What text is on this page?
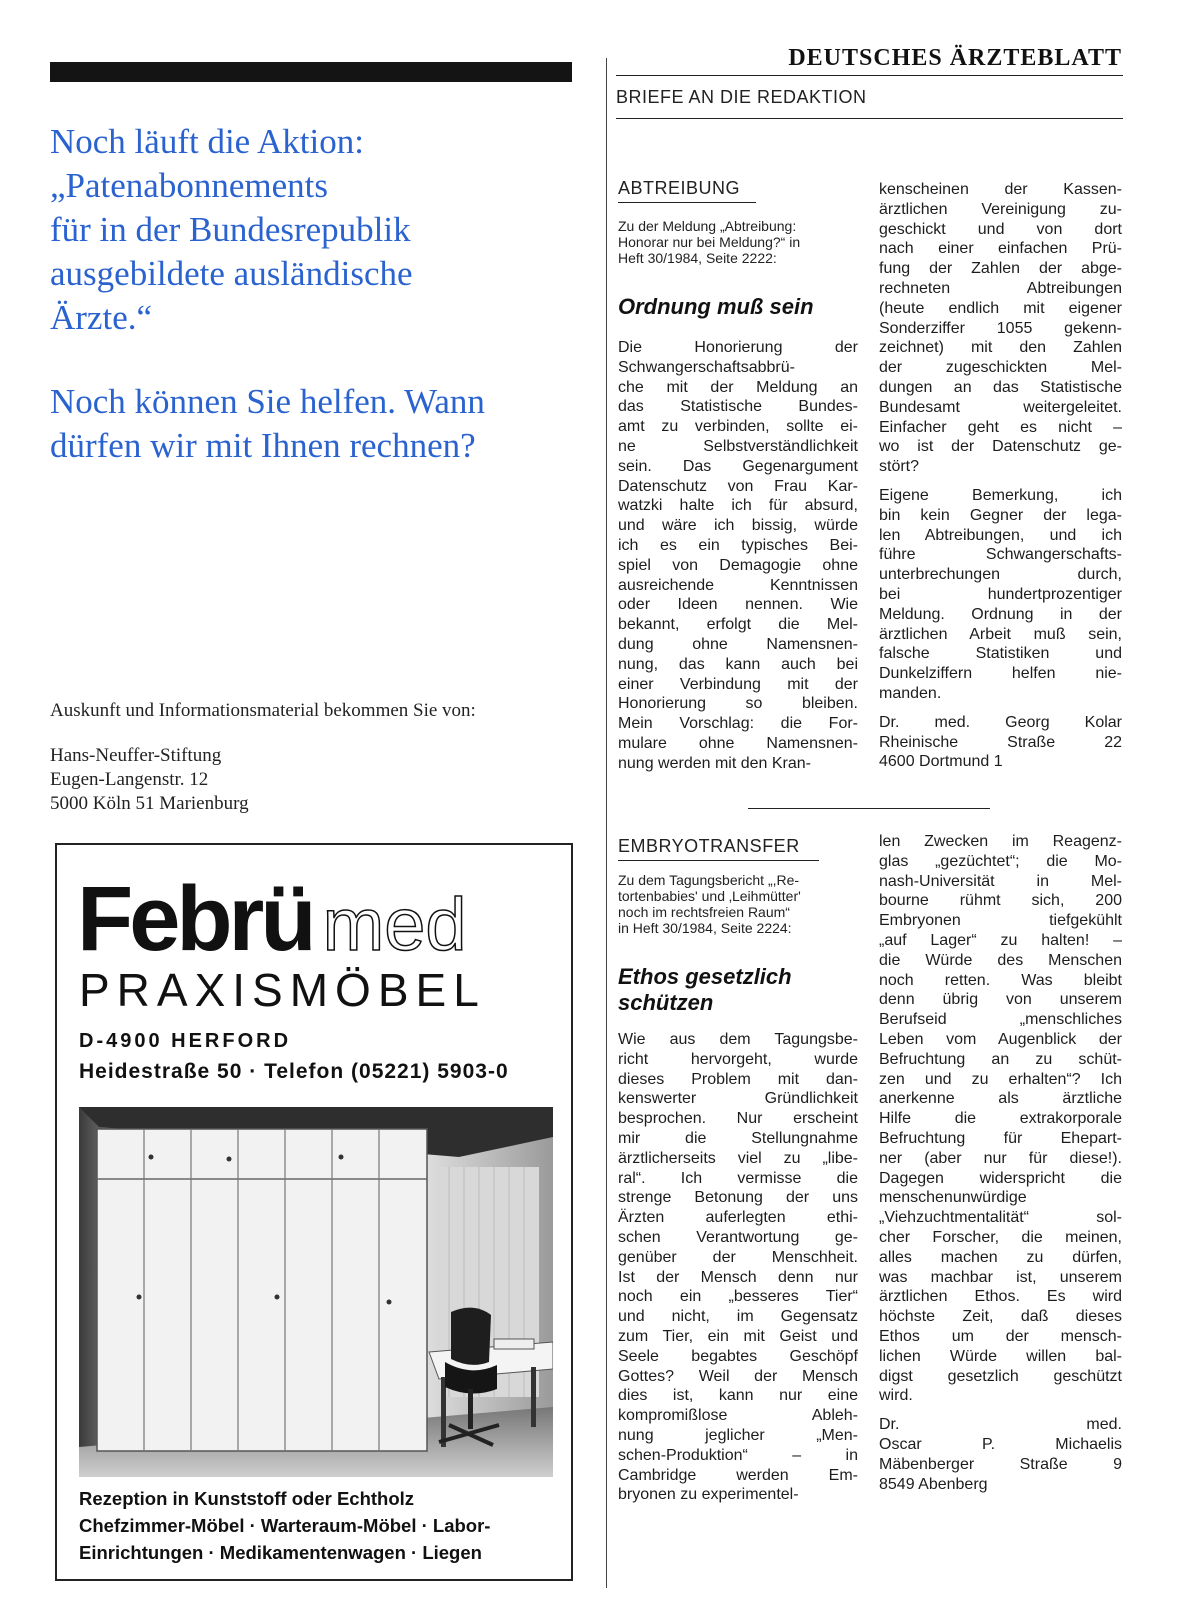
Noch läuft die Aktion:
„Patenabonnements
für in der Bundesrepublik
ausgebildete ausländische
Ärzte.“
Noch können Sie helfen. Wann
dürfen wir mit Ihnen rechnen?
Auskunft und Informationsmaterial bekommen Sie von:
Hans-Neuffer-Stiftung
Eugen-Langenstr. 12
5000 Köln 51 Marienburg
Febrü med
PRAXISMÖBEL
D-4900 HERFORD
Heidestraße 50 · Telefon (05221) 5903-0
Rezeption in Kunststoff oder Echtholz
Chefzimmer-Möbel · Warteraum-Möbel · Labor-
Einrichtungen · Medikamentenwagen · Liegen
DEUTSCHES ÄRZTEBLATT
BRIEFE AN DIE REDAKTION
ABTREIBUNG
Zu der Meldung „Abtreibung:
Honorar nur bei Meldung?“ in
Heft 30/1984, Seite 2222:
Ordnung muß sein
Die Honorierung der
Schwangerschaftsabbrü-
che mit der Meldung an
das Statistische Bundes-
amt zu verbinden, sollte ei-
ne Selbstverständlichkeit
sein. Das Gegenargument
Datenschutz von Frau Kar-
watzki halte ich für absurd,
und wäre ich bissig, würde
ich es ein typisches Bei-
spiel von Demagogie ohne
ausreichende Kenntnissen
oder Ideen nennen. Wie
bekannt, erfolgt die Mel-
dung ohne Namensnen-
nung, das kann auch bei
einer Verbindung mit der
Honorierung so bleiben.
Mein Vorschlag: die For-
mulare ohne Namensnen-
nung werden mit den Kran-
kenscheinen der Kassen-
ärztlichen Vereinigung zu-
geschickt und von dort
nach einer einfachen Prü-
fung der Zahlen der abge-
rechneten Abtreibungen
(heute endlich mit eigener
Sonderziffer 1055 gekenn-
zeichnet) mit den Zahlen
der zugeschickten Mel-
dungen an das Statistische
Bundesamt weitergeleitet.
Einfacher geht es nicht –
wo ist der Datenschutz ge-
stört?
Eigene Bemerkung, ich
bin kein Gegner der lega-
len Abtreibungen, und ich
führe Schwangerschafts-
unterbrechungen durch,
bei hundertprozentiger
Meldung. Ordnung in der
ärztlichen Arbeit muß sein,
falsche Statistiken und
Dunkelziffern helfen nie-
manden.
Dr. med. Georg Kolar
Rheinische Straße 22
4600 Dortmund 1
EMBRYOTRANSFER
Zu dem Tagungsbericht „,Re-
tortenbabies' und ‚Leihmütter'
noch im rechtsfreien Raum“
in Heft 30/1984, Seite 2224:
Ethos gesetzlich
schützen
Wie aus dem Tagungsbe-
richt hervorgeht, wurde
dieses Problem mit dan-
kenswerter Gründlichkeit
besprochen. Nur erscheint
mir die Stellungnahme
ärztlicherseits viel zu „libe-
ral“. Ich vermisse die
strenge Betonung der uns
Ärzten auferlegten ethi-
schen Verantwortung ge-
genüber der Menschheit.
Ist der Mensch denn nur
noch ein „besseres Tier“
und nicht, im Gegensatz
zum Tier, ein mit Geist und
Seele begabtes Geschöpf
Gottes? Weil der Mensch
dies ist, kann nur eine
kompromißlose Ableh-
nung jeglicher „Men-
schen-Produktion“ – in
Cambridge werden Em-
bryonen zu experimentel-
len Zwecken im Reagenz-
glas „gezüchtet“; die Mo-
nash-Universität in Mel-
bourne rühmt sich, 200
Embryonen tiefgekühlt
„auf Lager“ zu halten! –
die Würde des Menschen
noch retten. Was bleibt
denn übrig von unserem
Berufseid „menschliches
Leben vom Augenblick der
Befruchtung an zu schüt-
zen und zu erhalten“? Ich
anerkenne als ärztliche
Hilfe die extrakorporale
Befruchtung für Ehepart-
ner (aber nur für diese!).
Dagegen widerspricht die
menschenunwürdige
„Viehzuchtmentalität“ sol-
cher Forscher, die meinen,
alles machen zu dürfen,
was machbar ist, unserem
ärztlichen Ethos. Es wird
höchste Zeit, daß dieses
Ethos um der mensch-
lichen Würde willen bal-
digst gesetzlich geschützt
wird.
Dr. med.
Oscar P. Michaelis
Mäbenberger Straße 9
8549 Abenberg
